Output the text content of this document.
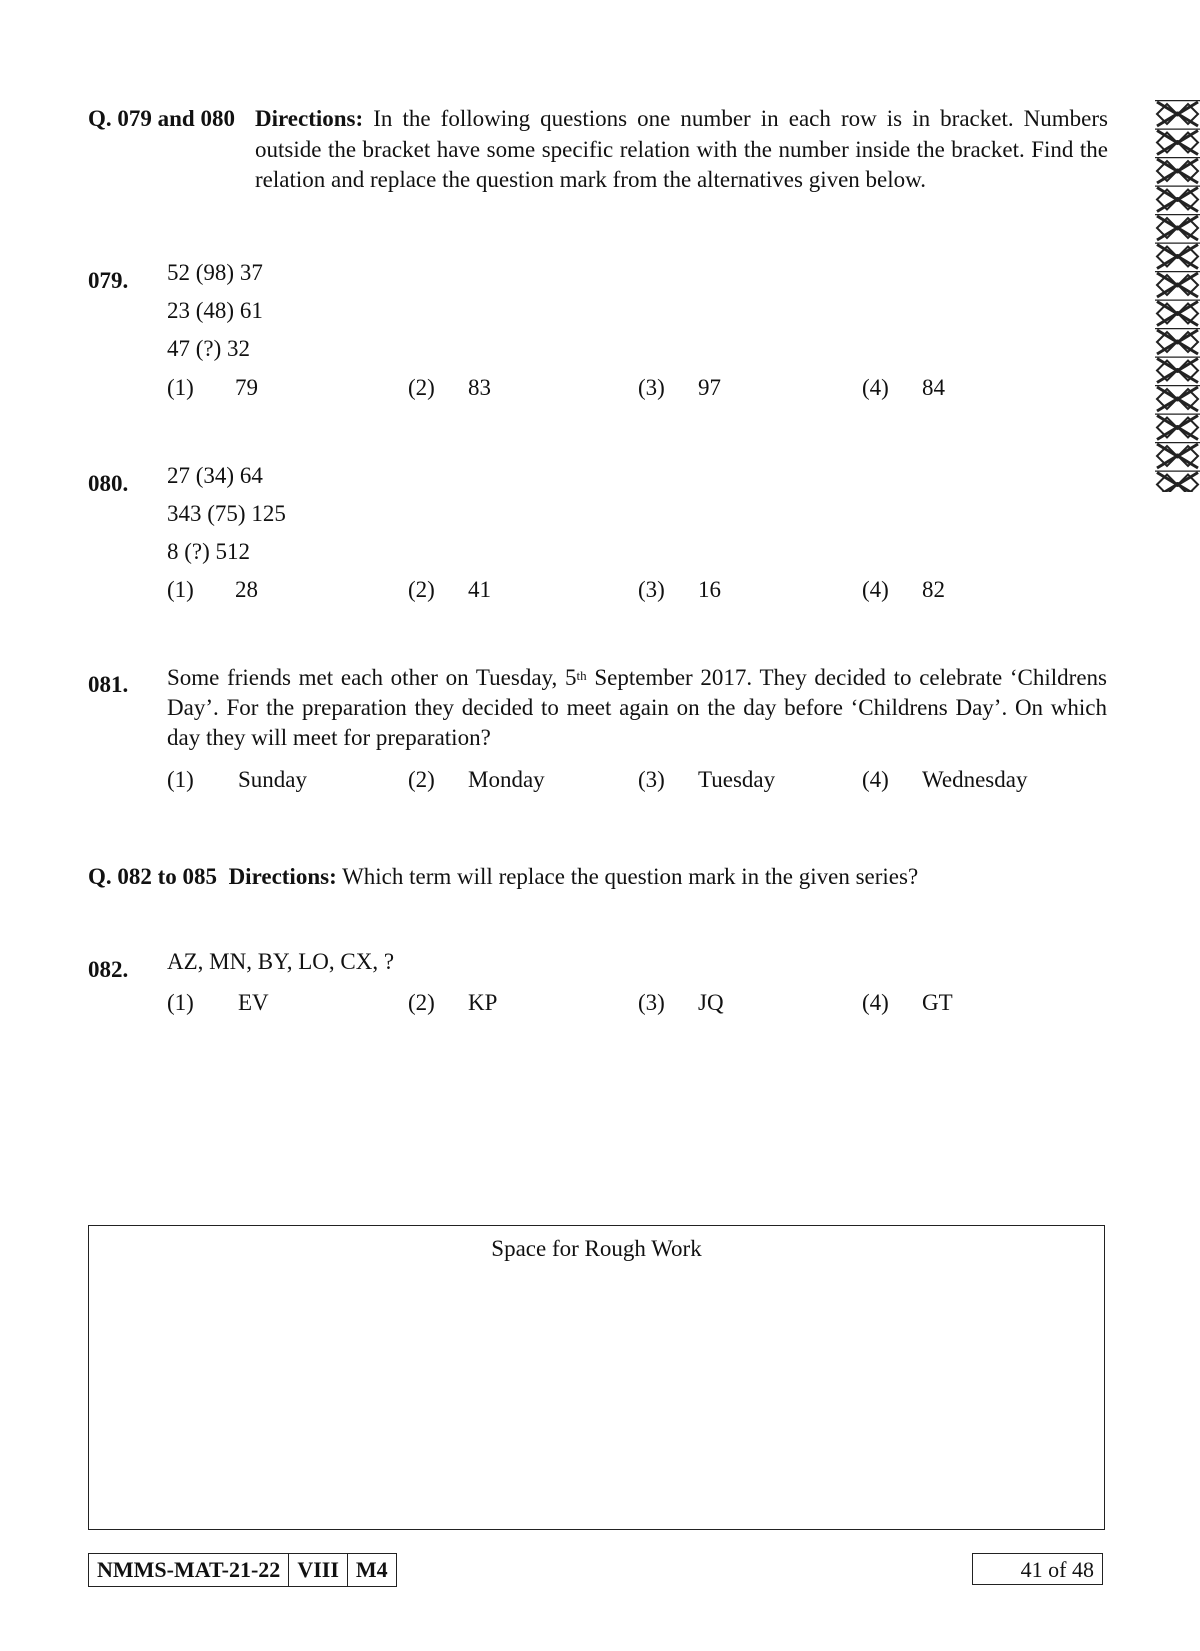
Q. 079 and 080 Directions: In the following questions one number in each row is in bracket. Numbers outside the bracket have some specific relation with the number inside the bracket. Find the relation and replace the question mark from the alternatives given below.
079. 52 (98) 37
23 (48) 61
47 (?) 32
(1) 79	(2) 83	(3) 97	(4) 84
080. 27 (34) 64
343 (75) 125
8 (?) 512
(1) 28	(2) 41	(3) 16	(4) 82
081. Some friends met each other on Tuesday, 5th September 2017. They decided to celebrate ‘Childrens Day’. For the preparation they decided to meet again on the day before ‘Childrens Day’. On which day they will meet for preparation?
(1) Sunday	(2) Monday	(3) Tuesday	(4) Wednesday
Q. 082 to 085 Directions: Which term will replace the question mark in the given series?
082. AZ, MN, BY, LO, CX, ?
(1) EV	(2) KP	(3) JQ	(4) GT
Space for Rough Work
NMMS-MAT-21-22 VIII M4	41 of 48
